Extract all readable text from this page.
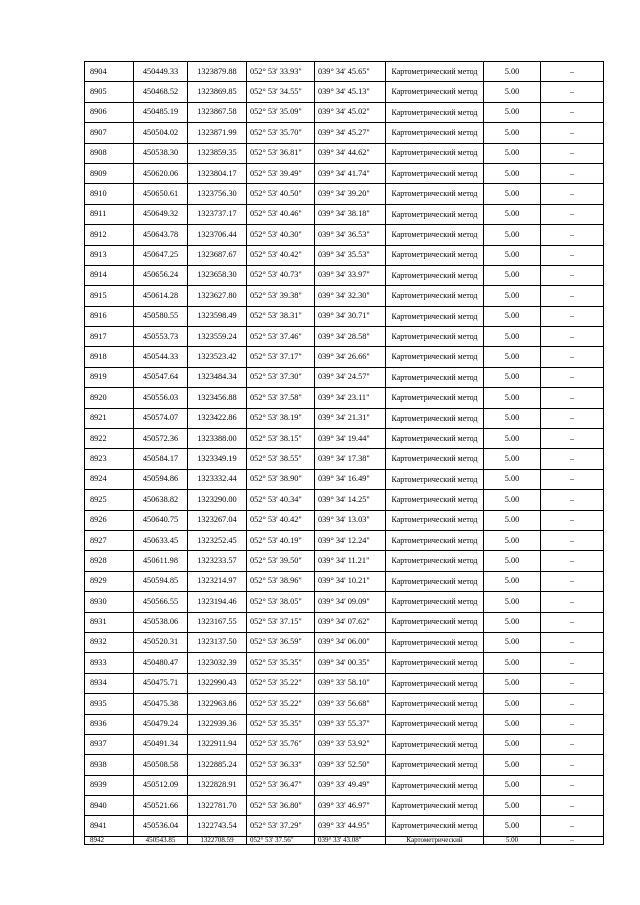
8904	450449.33	1323879.88	052° 53' 33.93"	039° 34' 45.65"	Картометрический метод	5.00	–
8905	450468.52	1323869.85	052° 53' 34.55"	039° 34' 45.13"	Картометрический метод	5.00	–
8906	450485.19	1323867.58	052° 53' 35.09"	039° 34' 45.02"	Картометрический метод	5.00	–
8907	450504.02	1323871.99	052° 53' 35.70"	039° 34' 45.27"	Картометрический метод	5.00	–
8908	450538.30	1323859.35	052° 53' 36.81"	039° 34' 44.62"	Картометрический метод	5.00	–
8909	450620.06	1323804.17	052° 53' 39.49"	039° 34' 41.74"	Картометрический метод	5.00	–
8910	450650.61	1323756.30	052° 53' 40.50"	039° 34' 39.20"	Картометрический метод	5.00	–
8911	450649.32	1323737.17	052° 53' 40.46"	039° 34' 38.18"	Картометрический метод	5.00	–
8912	450643.78	1323706.44	052° 53' 40.30"	039° 34' 36.53"	Картометрический метод	5.00	–
8913	450647.25	1323687.67	052° 53' 40.42"	039° 34' 35.53"	Картометрический метод	5.00	–
8914	450656.24	1323658.30	052° 53' 40.73"	039° 34' 33.97"	Картометрический метод	5.00	–
8915	450614.28	1323627.80	052° 53' 39.38"	039° 34' 32.30"	Картометрический метод	5.00	–
8916	450580.55	1323598.49	052° 53' 38.31"	039° 34' 30.71"	Картометрический метод	5.00	–
8917	450553.73	1323559.24	052° 53' 37.46"	039° 34' 28.58"	Картометрический метод	5.00	–
8918	450544.33	1323523.42	052° 53' 37.17"	039° 34' 26.66"	Картометрический метод	5.00	–
8919	450547.64	1323484.34	052° 53' 37.30"	039° 34' 24.57"	Картометрический метод	5.00	–
8920	450556.03	1323456.88	052° 53' 37.58"	039° 34' 23.11"	Картометрический метод	5.00	–
8921	450574.07	1323422.86	052° 53' 38.19"	039° 34' 21.31"	Картометрический метод	5.00	–
8922	450572.36	1323388.00	052° 53' 38.15"	039° 34' 19.44"	Картометрический метод	5.00	–
8923	450584.17	1323349.19	052° 53' 38.55"	039° 34' 17.38"	Картометрический метод	5.00	–
8924	450594.86	1323332.44	052° 53' 38.90"	039° 34' 16.49"	Картометрический метод	5.00	–
8925	450638.82	1323290.00	052° 53' 40.34"	039° 34' 14.25"	Картометрический метод	5.00	–
8926	450640.75	1323267.04	052° 53' 40.42"	039° 34' 13.03"	Картометрический метод	5.00	–
8927	450633.45	1323252.45	052° 53' 40.19"	039° 34' 12.24"	Картометрический метод	5.00	–
8928	450611.98	1323233.57	052° 53' 39.50"	039° 34' 11.21"	Картометрический метод	5.00	–
8929	450594.85	1323214.97	052° 53' 38.96"	039° 34' 10.21"	Картометрический метод	5.00	–
8930	450566.55	1323194.46	052° 53' 38.05"	039° 34' 09.09"	Картометрический метод	5.00	–
8931	450538.06	1323167.55	052° 53' 37.15"	039° 34' 07.62"	Картометрический метод	5.00	–
8932	450520.31	1323137.50	052° 53' 36.59"	039° 34' 06.00"	Картометрический метод	5.00	–
8933	450480.47	1323032.39	052° 53' 35.35"	039° 34' 00.35"	Картометрический метод	5.00	–
8934	450475.71	1322990.43	052° 53' 35.22"	039° 33' 58.10"	Картометрический метод	5.00	–
8935	450475.38	1322963.86	052° 53' 35.22"	039° 33' 56.68"	Картометрический метод	5.00	–
8936	450479.24	1322939.36	052° 53' 35.35"	039° 33' 55.37"	Картометрический метод	5.00	–
8937	450491.34	1322911.94	052° 53' 35.76"	039° 33' 53.92"	Картометрический метод	5.00	–
8938	450508.58	1322885.24	052° 53' 36.33"	039° 33' 52.50"	Картометрический метод	5.00	–
8939	450512.09	1322828.91	052° 53' 36.47"	039° 33' 49.49"	Картометрический метод	5.00	–
8940	450521.66	1322781.70	052° 53' 36.80"	039° 33' 46.97"	Картометрический метод	5.00	–
8941	450536.04	1322743.54	052° 53' 37.29"	039° 33' 44.95"	Картометрический метод	5.00	–
8942	450543.85	1322708.59	052° 53' 37.56"	039° 33' 43.08"	Картометрический	5.00	–
